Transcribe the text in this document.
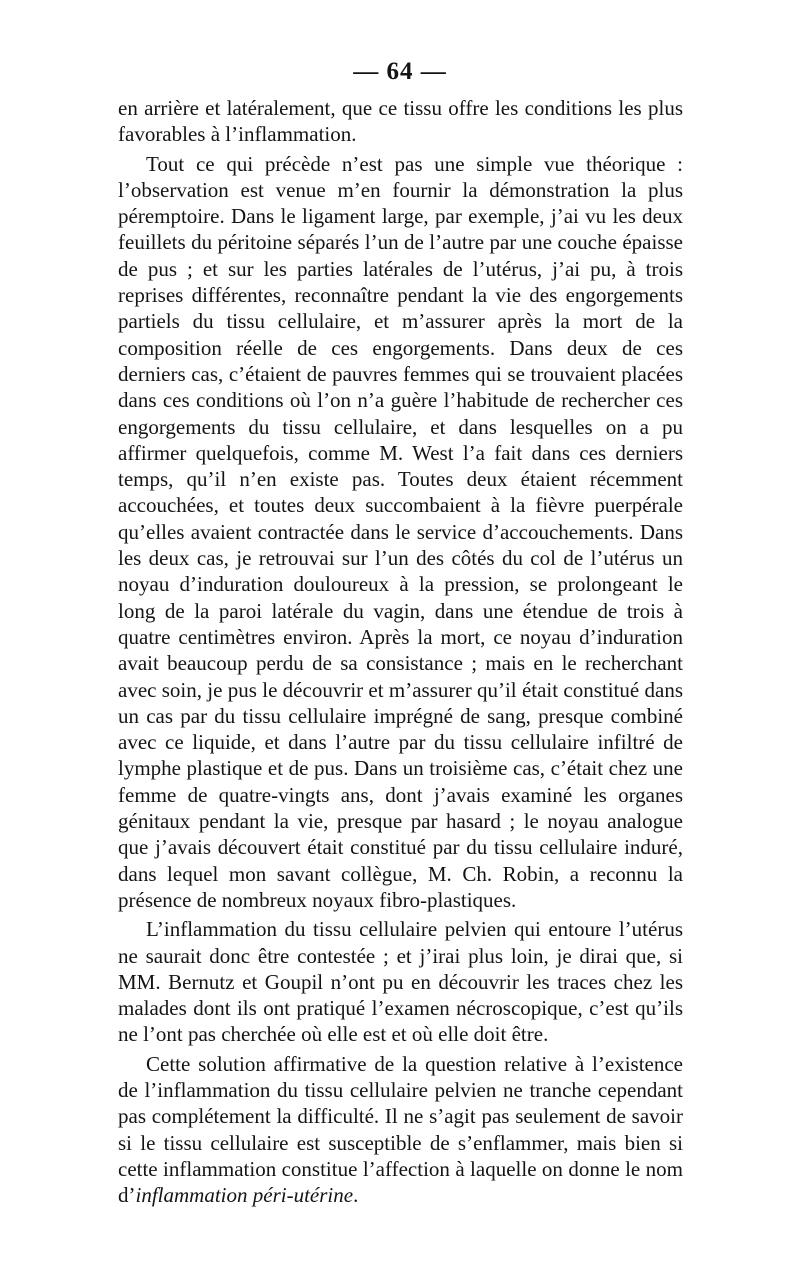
— 64 —

en arrière et latéralement, que ce tissu offre les conditions les plus favorables à l’inflammation.

Tout ce qui précède n’est pas une simple vue théorique : l’observation est venue m’en fournir la démonstration la plus péremptoire. Dans le ligament large, par exemple, j’ai vu les deux feuillets du péritoine séparés l’un de l’autre par une couche épaisse de pus ; et sur les parties latérales de l’utérus, j’ai pu, à trois reprises différentes, reconnaître pendant la vie des engorgements partiels du tissu cellulaire, et m’assurer après la mort de la composition réelle de ces engorgements. Dans deux de ces derniers cas, c’étaient de pauvres femmes qui se trouvaient placées dans ces conditions où l’on n’a guère l’habitude de rechercher ces engorgements du tissu cellulaire, et dans lesquelles on a pu affirmer quelquefois, comme M. West l’a fait dans ces derniers temps, qu’il n’en existe pas. Toutes deux étaient récemment accouchées, et toutes deux succombaient à la fièvre puerpérale qu’elles avaient contractée dans le service d’accouchements. Dans les deux cas, je retrouvai sur l’un des côtés du col de l’utérus un noyau d’induration douloureux à la pression, se prolongeant le long de la paroi latérale du vagin, dans une étendue de trois à quatre centimètres environ. Après la mort, ce noyau d’induration avait beaucoup perdu de sa consistance ; mais en le recherchant avec soin, je pus le découvrir et m’assurer qu’il était constitué dans un cas par du tissu cellulaire imprégné de sang, presque combiné avec ce liquide, et dans l’autre par du tissu cellulaire infiltré de lymphe plastique et de pus. Dans un troisième cas, c’était chez une femme de quatre-vingts ans, dont j’avais examiné les organes génitaux pendant la vie, presque par hasard ; le noyau analogue que j’avais découvert était constitué par du tissu cellulaire induré, dans lequel mon savant collègue, M. Ch. Robin, a reconnu la présence de nombreux noyaux fibro-plastiques.

L’inflammation du tissu cellulaire pelvien qui entoure l’utérus ne saurait donc être contestée ; et j’irai plus loin, je dirai que, si MM. Bernutz et Goupil n’ont pu en découvrir les traces chez les malades dont ils ont pratiqué l’examen nécroscopique, c’est qu’ils ne l’ont pas cherchée où elle est et où elle doit être.

Cette solution affirmative de la question relative à l’existence de l’inflammation du tissu cellulaire pelvien ne tranche cependant pas complétement la difficulté. Il ne s’agit pas seulement de savoir si le tissu cellulaire est susceptible de s’enflammer, mais bien si cette inflammation constitue l’affection à laquelle on donne le nom d’inflammation péri-utérine.
